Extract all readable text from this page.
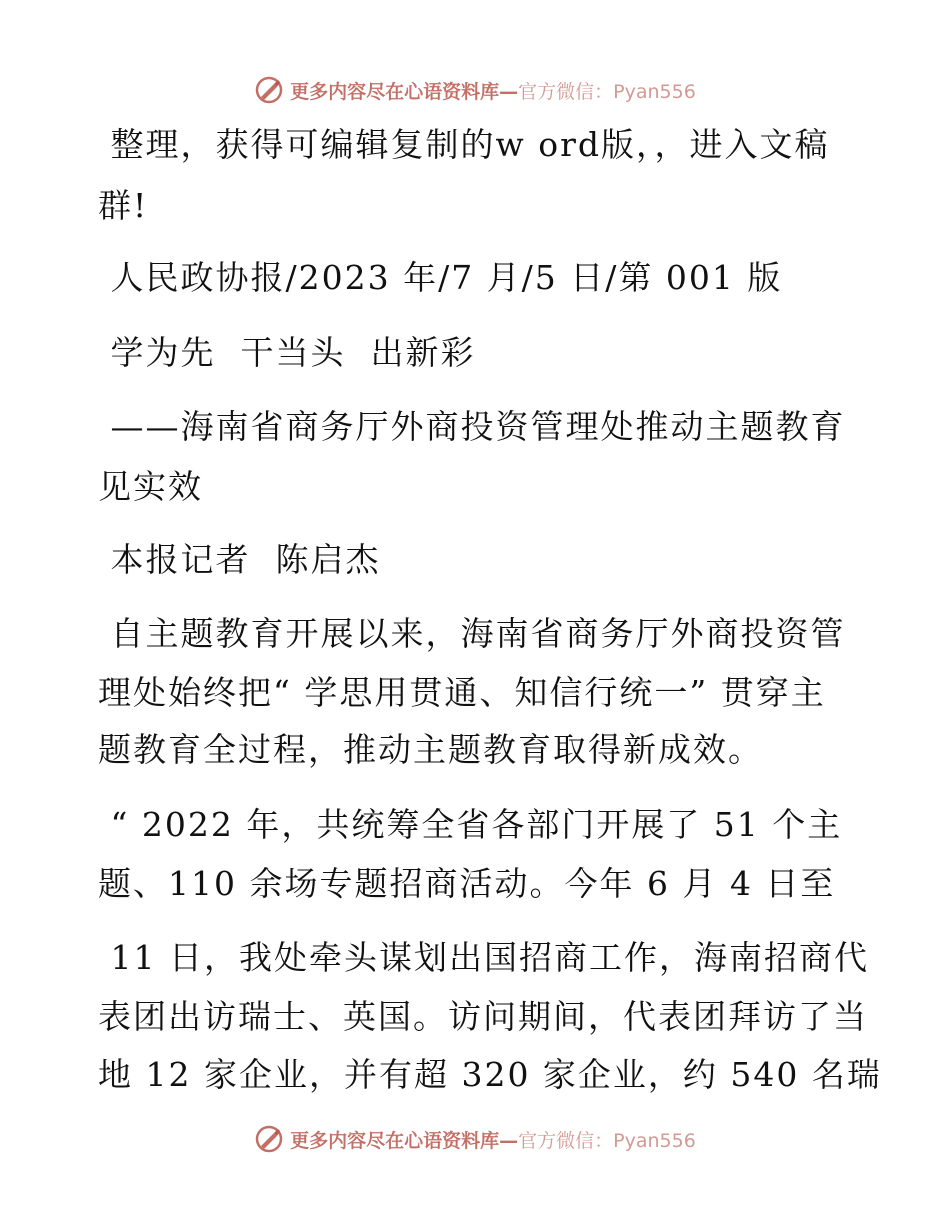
更多内容尽在心语资料库—官方微信：Pyan556
整理，获得可编辑复制的w ord版，，进入文稿
群!
人民政协报/2023 年/7 月/5 日/第 001 版
学为先  干当头  出新彩
——海南省商务厅外商投资管理处推动主题教育
见实效
本报记者  陈启杰
自主题教育开展以来，海南省商务厅外商投资管
理处始终把“ 学思用贯通、知信行统一” 贯穿主
题教育全过程，推动主题教育取得新成效。
“ 2022 年，共统筹全省各部门开展了 51 个主
题、110 余场专题招商活动。今年 6 月 4 日至
11 日，我处牵头谋划出国招商工作，海南招商代
表团出访瑞士、英国。访问期间，代表团拜访了当
地 12 家企业，并有超 320 家企业，约 540 名瑞
更多内容尽在心语资料库—官方微信：Pyan556
